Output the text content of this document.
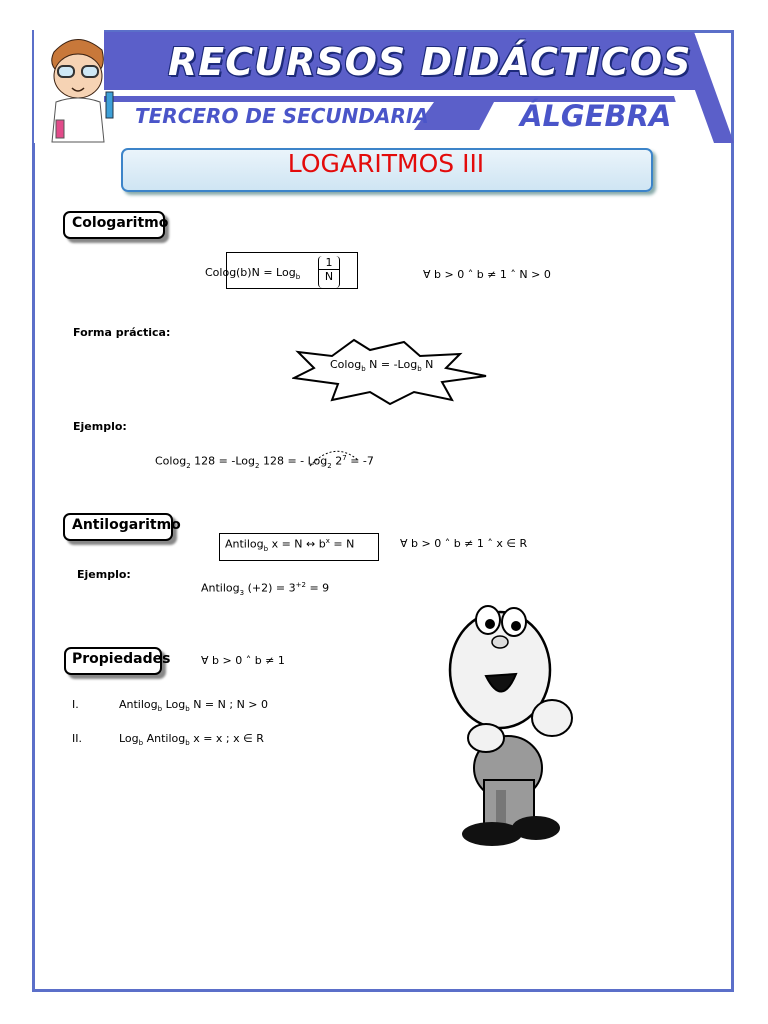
RECURSOS DIDÁCTICOS
TERCERO DE SECUNDARIA	ÁLGEBRA
LOGARITMOS III
Cologaritmo
Colog $(b)N = Log_b \frac{1}{N}$	∀ b > 0 ˄ b ≠ 1 ˄ N > 0
Forma práctica:
Colog$_b$ N = -Log$_b$ N
Ejemplo:
Colog$_2$ 128 = -Log$_2$ 128 = - Log$_2$ $2^7 = -7$
Antilogaritmo
Antilog$_b$ x = N ↔ $b^x = N$	∀ b > 0 ˄ b ≠ 1 ˄ x ∈ R
Ejemplo:
Antilog$_3$ $(+2) = 3^{+2} = 9$
Propiedades	∀ b > 0 ˄ b ≠ 1
I.	Antilog$_b$ Log$_b$ N = N ; N > 0
II.	Log$_b$ Antilog$_b$ x = x ; x ∈ R
